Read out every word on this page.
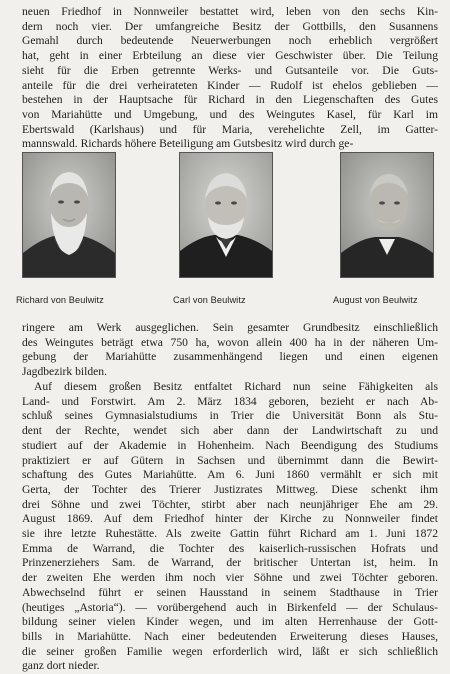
neuen Friedhof in Nonnweiler bestattet wird, leben von den sechs Kin-
dern noch vier. Der umfangreiche Besitz der Gottbills, den Susannens
Gemahl durch bedeutende Neuerwerbungen noch erheblich vergrößert
hat, geht in einer Erbteilung an diese vier Geschwister über. Die Teilung
sieht für die Erben getrennte Werks- und Gutsanteile vor. Die Guts-
anteile für die drei verheirateten Kinder — Rudolf ist ehelos geblieben —
bestehen in der Hauptsache für Richard in den Liegenschaften des Gutes
von Mariahütte und Umgebung, und des Weingutes Kasel, für Karl im
Ebertswald (Karlshaus) und für Maria, verehelichte Zell, im Gatter-
mannswald. Richards höhere Beteiligung am Gutsbesitz wird durch ge-

Richard von Beulwitz	Carl von Beulwitz	August von Beulwitz

ringere am Werk ausgeglichen. Sein gesamter Grundbesitz einschließlich
des Weingutes beträgt etwa 750 ha, wovon allein 400 ha in der näheren Um-
gebung der Mariahütte zusammenhängend liegen und einen eigenen
Jagdbezirk bilden.

Auf diesem großen Besitz entfaltet Richard nun seine Fähigkeiten als
Land- und Forstwirt. Am 2. März 1834 geboren, bezieht er nach Ab-
schluß seines Gymnasialstudiums in Trier die Universität Bonn als Stu-
dent der Rechte, wendet sich aber dann der Landwirtschaft zu und
studiert auf der Akademie in Hohenheim. Nach Beendigung des Studiums
praktiziert er auf Gütern in Sachsen und übernimmt dann die Bewirt-
schaftung des Gutes Mariahütte. Am 6. Juni 1860 vermählt er sich mit
Gerta, der Tochter des Trierer Justizrates Mittweg. Diese schenkt ihm
drei Söhne und zwei Töchter, stirbt aber nach neunjähriger Ehe am 29.
August 1869. Auf dem Friedhof hinter der Kirche zu Nonnweiler findet
sie ihre letzte Ruhestätte. Als zweite Gattin führt Richard am 1. Juni 1872
Emma de Warrand, die Tochter des kaiserlich-russischen Hofrats und
Prinzenerziehers Sam. de Warrand, der britischer Untertan ist, heim. In
der zweiten Ehe werden ihm noch vier Söhne und zwei Töchter geboren.
Abwechselnd führt er seinen Hausstand in seinem Stadthause in Trier
(heutiges „Astoria“). — vorübergehend auch in Birkenfeld — der Schulaus-
bildung seiner vielen Kinder wegen, und im alten Herrenhause der Gott-
bills in Mariahütte. Nach einer bedeutenden Erweiterung dieses Hauses,
die seiner großen Familie wegen erforderlich wird, läßt er sich schließlich
ganz dort nieder.
